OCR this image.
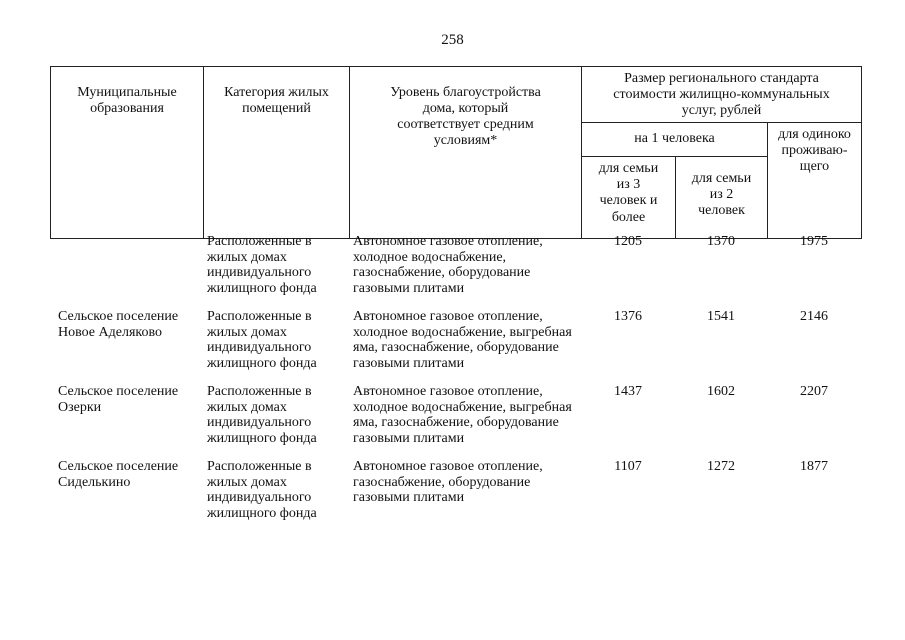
258
Муниципальные образования	Категория жилых помещений	Уровень благоустройства дома, который соответствует средним условиям*	Размер регионального стандарта стоимости жилищно-коммунальных услуг, рублей		
			на 1 человека		для одиноко проживаю-щего
			для семьи из 3 человек и более	для семьи из 2 человек	
	Расположенные в жилых домах индивидуального жилищного фонда	Автономное газовое отопление, холодное водоснабжение, газоснабжение, оборудование газовыми плитами	1205	1370	1975
Сельское поселение Новое Аделяково	Расположенные в жилых домах индивидуального жилищного фонда	Автономное газовое отопление, холодное водоснабжение, выгребная яма, газоснабжение, оборудование газовыми плитами	1376	1541	2146
Сельское поселение Озерки	Расположенные в жилых домах индивидуального жилищного фонда	Автономное газовое отопление, холодное водоснабжение, выгребная яма, газоснабжение, оборудование газовыми плитами	1437	1602	2207
Сельское поселение Сиделькино	Расположенные в жилых домах индивидуального жилищного фонда	Автономное газовое отопление, газоснабжение, оборудование газовыми плитами	1107	1272	1877
